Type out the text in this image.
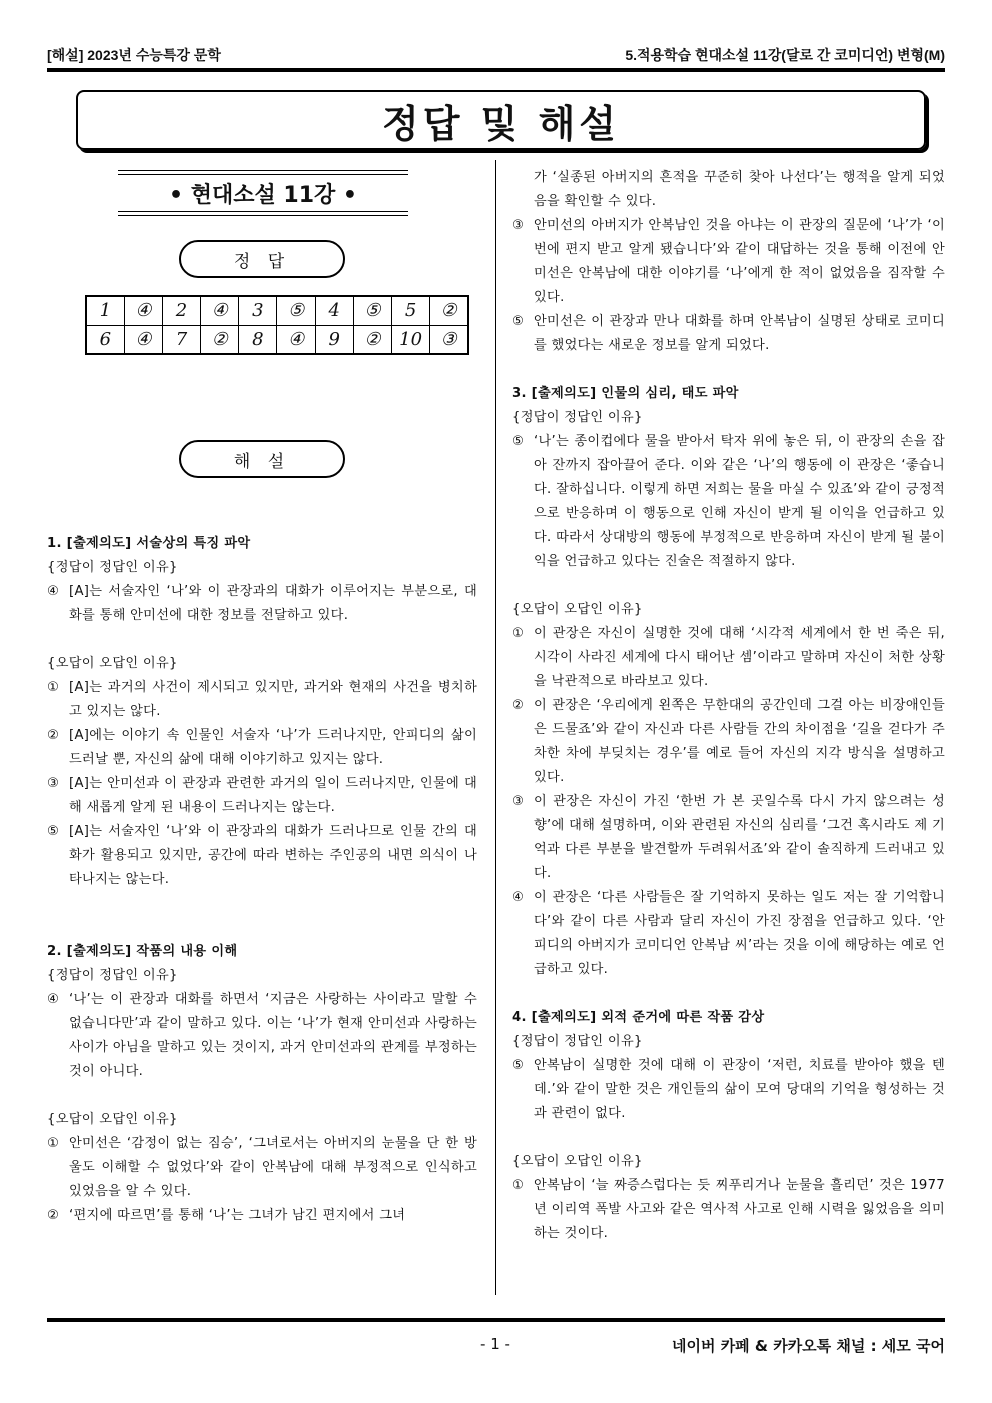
[해설] 2023년 수능특강 문학	5.적용학습 현대소설 11강(달로 간 코미디언) 변형(M)
정답 및 해설
• 현대소설 11강 •
정 답
1	④	2	④	3	⑤	4	⑤	5	②
6	④	7	②	8	④	9	②	10	③
해 설
1. [출제의도] 서술상의 특징 파악
{정답이 정답인 이유}
④ [A]는 서술자인 ‘나’와 이 관장과의 대화가 이루어지는 부분으로, 대화를 통해 안미선에 대한 정보를 전달하고 있다.
{오답이 오답인 이유}
① [A]는 과거의 사건이 제시되고 있지만, 과거와 현재의 사건을 병치하고 있지는 않다.
② [A]에는 이야기 속 인물인 서술자 ‘나’가 드러나지만, 안피디의 삶이 드러날 뿐, 자신의 삶에 대해 이야기하고 있지는 않다.
③ [A]는 안미선과 이 관장과 관련한 과거의 일이 드러나지만, 인물에 대해 새롭게 알게 된 내용이 드러나지는 않는다.
⑤ [A]는 서술자인 ‘나’와 이 관장과의 대화가 드러나므로 인물 간의 대화가 활용되고 있지만, 공간에 따라 변하는 주인공의 내면 의식이 나타나지는 않는다.
2. [출제의도] 작품의 내용 이해
{정답이 정답인 이유}
④ ‘나’는 이 관장과 대화를 하면서 ‘지금은 사랑하는 사이라고 말할 수 없습니다만’과 같이 말하고 있다. 이는 ‘나’가 현재 안미선과 사랑하는 사이가 아님을 말하고 있는 것이지, 과거 안미선과의 관계를 부정하는 것이 아니다.
{오답이 오답인 이유}
① 안미선은 ‘감정이 없는 짐승’, ‘그녀로서는 아버지의 눈물을 단 한 방울도 이해할 수 없었다’와 같이 안복남에 대해 부정적으로 인식하고 있었음을 알 수 있다.
② ‘편지에 따르면’를 통해 ‘나’는 그녀가 남긴 편지에서 그녀
가 ‘실종된 아버지의 흔적을 꾸준히 찾아 나선다’는 행적을 알게 되었음을 확인할 수 있다.
③ 안미선의 아버지가 안복남인 것을 아냐는 이 관장의 질문에 ‘나’가 ‘이번에 편지 받고 알게 됐습니다’와 같이 대답하는 것을 통해 이전에 안미선은 안복남에 대한 이야기를 ‘나’에게 한 적이 없었음을 짐작할 수 있다.
⑤ 안미선은 이 관장과 만나 대화를 하며 안복남이 실명된 상태로 코미디를 했었다는 새로운 정보를 알게 되었다.
3. [출제의도] 인물의 심리, 태도 파악
{정답이 정답인 이유}
⑤ ‘나’는 종이컵에다 물을 받아서 탁자 위에 놓은 뒤, 이 관장의 손을 잡아 잔까지 잡아끌어 준다. 이와 같은 ‘나’의 행동에 이 관장은 ‘좋습니다. 잘하십니다. 이렇게 하면 저희는 물을 마실 수 있죠’와 같이 긍정적으로 반응하며 이 행동으로 인해 자신이 받게 될 이익을 언급하고 있다. 따라서 상대방의 행동에 부정적으로 반응하며 자신이 받게 될 불이익을 언급하고 있다는 진술은 적절하지 않다.
{오답이 오답인 이유}
① 이 관장은 자신이 실명한 것에 대해 ‘시각적 세계에서 한 번 죽은 뒤, 시각이 사라진 세계에 다시 태어난 셈’이라고 말하며 자신이 처한 상황을 낙관적으로 바라보고 있다.
② 이 관장은 ‘우리에게 왼쪽은 무한대의 공간인데 그걸 아는 비장애인들은 드물죠’와 같이 자신과 다른 사람들 간의 차이점을 ‘길을 걷다가 주차한 차에 부딪치는 경우’를 예로 들어 자신의 지각 방식을 설명하고 있다.
③ 이 관장은 자신이 가진 ‘한번 가 본 곳일수록 다시 가지 않으려는 성향’에 대해 설명하며, 이와 관련된 자신의 심리를 ‘그건 혹시라도 제 기억과 다른 부분을 발견할까 두려워서죠’와 같이 솔직하게 드러내고 있다.
④ 이 관장은 ‘다른 사람들은 잘 기억하지 못하는 일도 저는 잘 기억합니다’와 같이 다른 사람과 달리 자신이 가진 장점을 언급하고 있다. ‘안 피디의 아버지가 코미디언 안복남 씨’라는 것을 이에 해당하는 예로 언급하고 있다.
4. [출제의도] 외적 준거에 따른 작품 감상
{정답이 정답인 이유}
⑤ 안복남이 실명한 것에 대해 이 관장이 ‘저런, 치료를 받아야 했을 텐데.’와 같이 말한 것은 개인들의 삶이 모여 당대의 기억을 형성하는 것과 관련이 없다.
{오답이 오답인 이유}
① 안복남이 ‘늘 짜증스럽다는 듯 찌푸리거나 눈물을 흘리던’ 것은 1977년 이리역 폭발 사고와 같은 역사적 사고로 인해 시력을 잃었음을 의미하는 것이다.
- 1 -	네이버 카페 & 카카오톡 채널 : 세모 국어
